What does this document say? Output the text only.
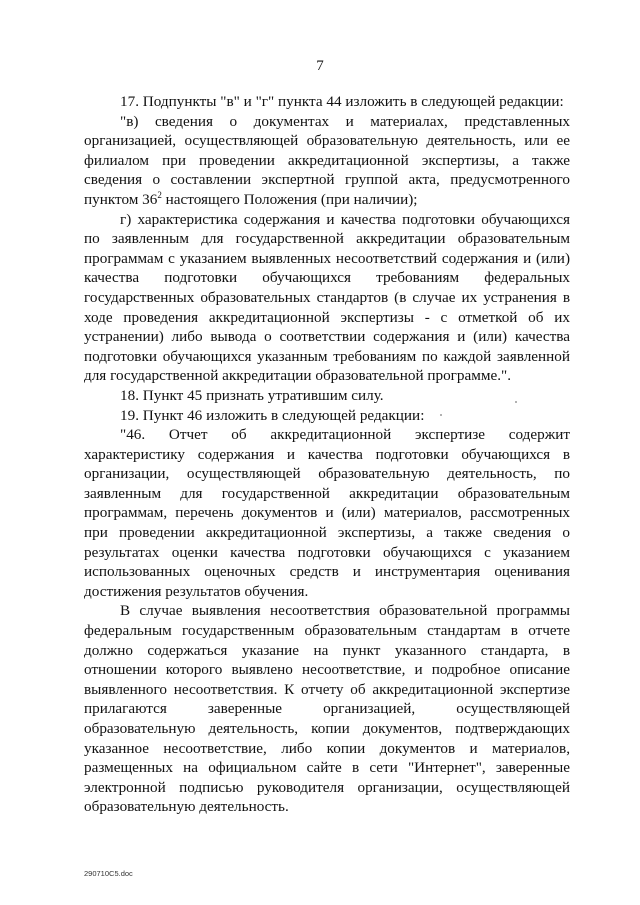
7

17. Подпункты "в" и "г" пункта 44 изложить в следующей редакции:

"в) сведения о документах и материалах, представленных организацией, осуществляющей образовательную деятельность, или ее филиалом при проведении аккредитационной экспертизы, а также сведения о составлении экспертной группой акта, предусмотренного пунктом $36^2$ настоящего Положения (при наличии);

г) характеристика содержания и качества подготовки обучающихся по заявленным для государственной аккредитации образовательным программам с указанием выявленных несоответствий содержания и (или) качества подготовки обучающихся требованиям федеральных государственных образовательных стандартов (в случае их устранения в ходе проведения аккредитационной экспертизы - с отметкой об их устранении) либо вывода о соответствии содержания и (или) качества подготовки обучающихся указанным требованиям по каждой заявленной для государственной аккредитации образовательной программе.".

18. Пункт 45 признать утратившим силу.

19. Пункт 46 изложить в следующей редакции:

"46. Отчет об аккредитационной экспертизе содержит характеристику содержания и качества подготовки обучающихся в организации, осуществляющей образовательную деятельность, по заявленным для государственной аккредитации образовательным программам, перечень документов и (или) материалов, рассмотренных при проведении аккредитационной экспертизы, а также сведения о результатах оценки качества подготовки обучающихся с указанием использованных оценочных средств и инструментария оценивания достижения результатов обучения.

В случае выявления несоответствия образовательной программы федеральным государственным образовательным стандартам в отчете должно содержаться указание на пункт указанного стандарта, в отношении которого выявлено несоответствие, и подробное описание выявленного несоответствия. К отчету об аккредитационной экспертизе прилагаются заверенные организацией, осуществляющей образовательную деятельность, копии документов, подтверждающих указанное несоответствие, либо копии документов и материалов, размещенных на официальном сайте в сети "Интернет", заверенные электронной подписью руководителя организации, осуществляющей образовательную деятельность.

290710C5.doc
